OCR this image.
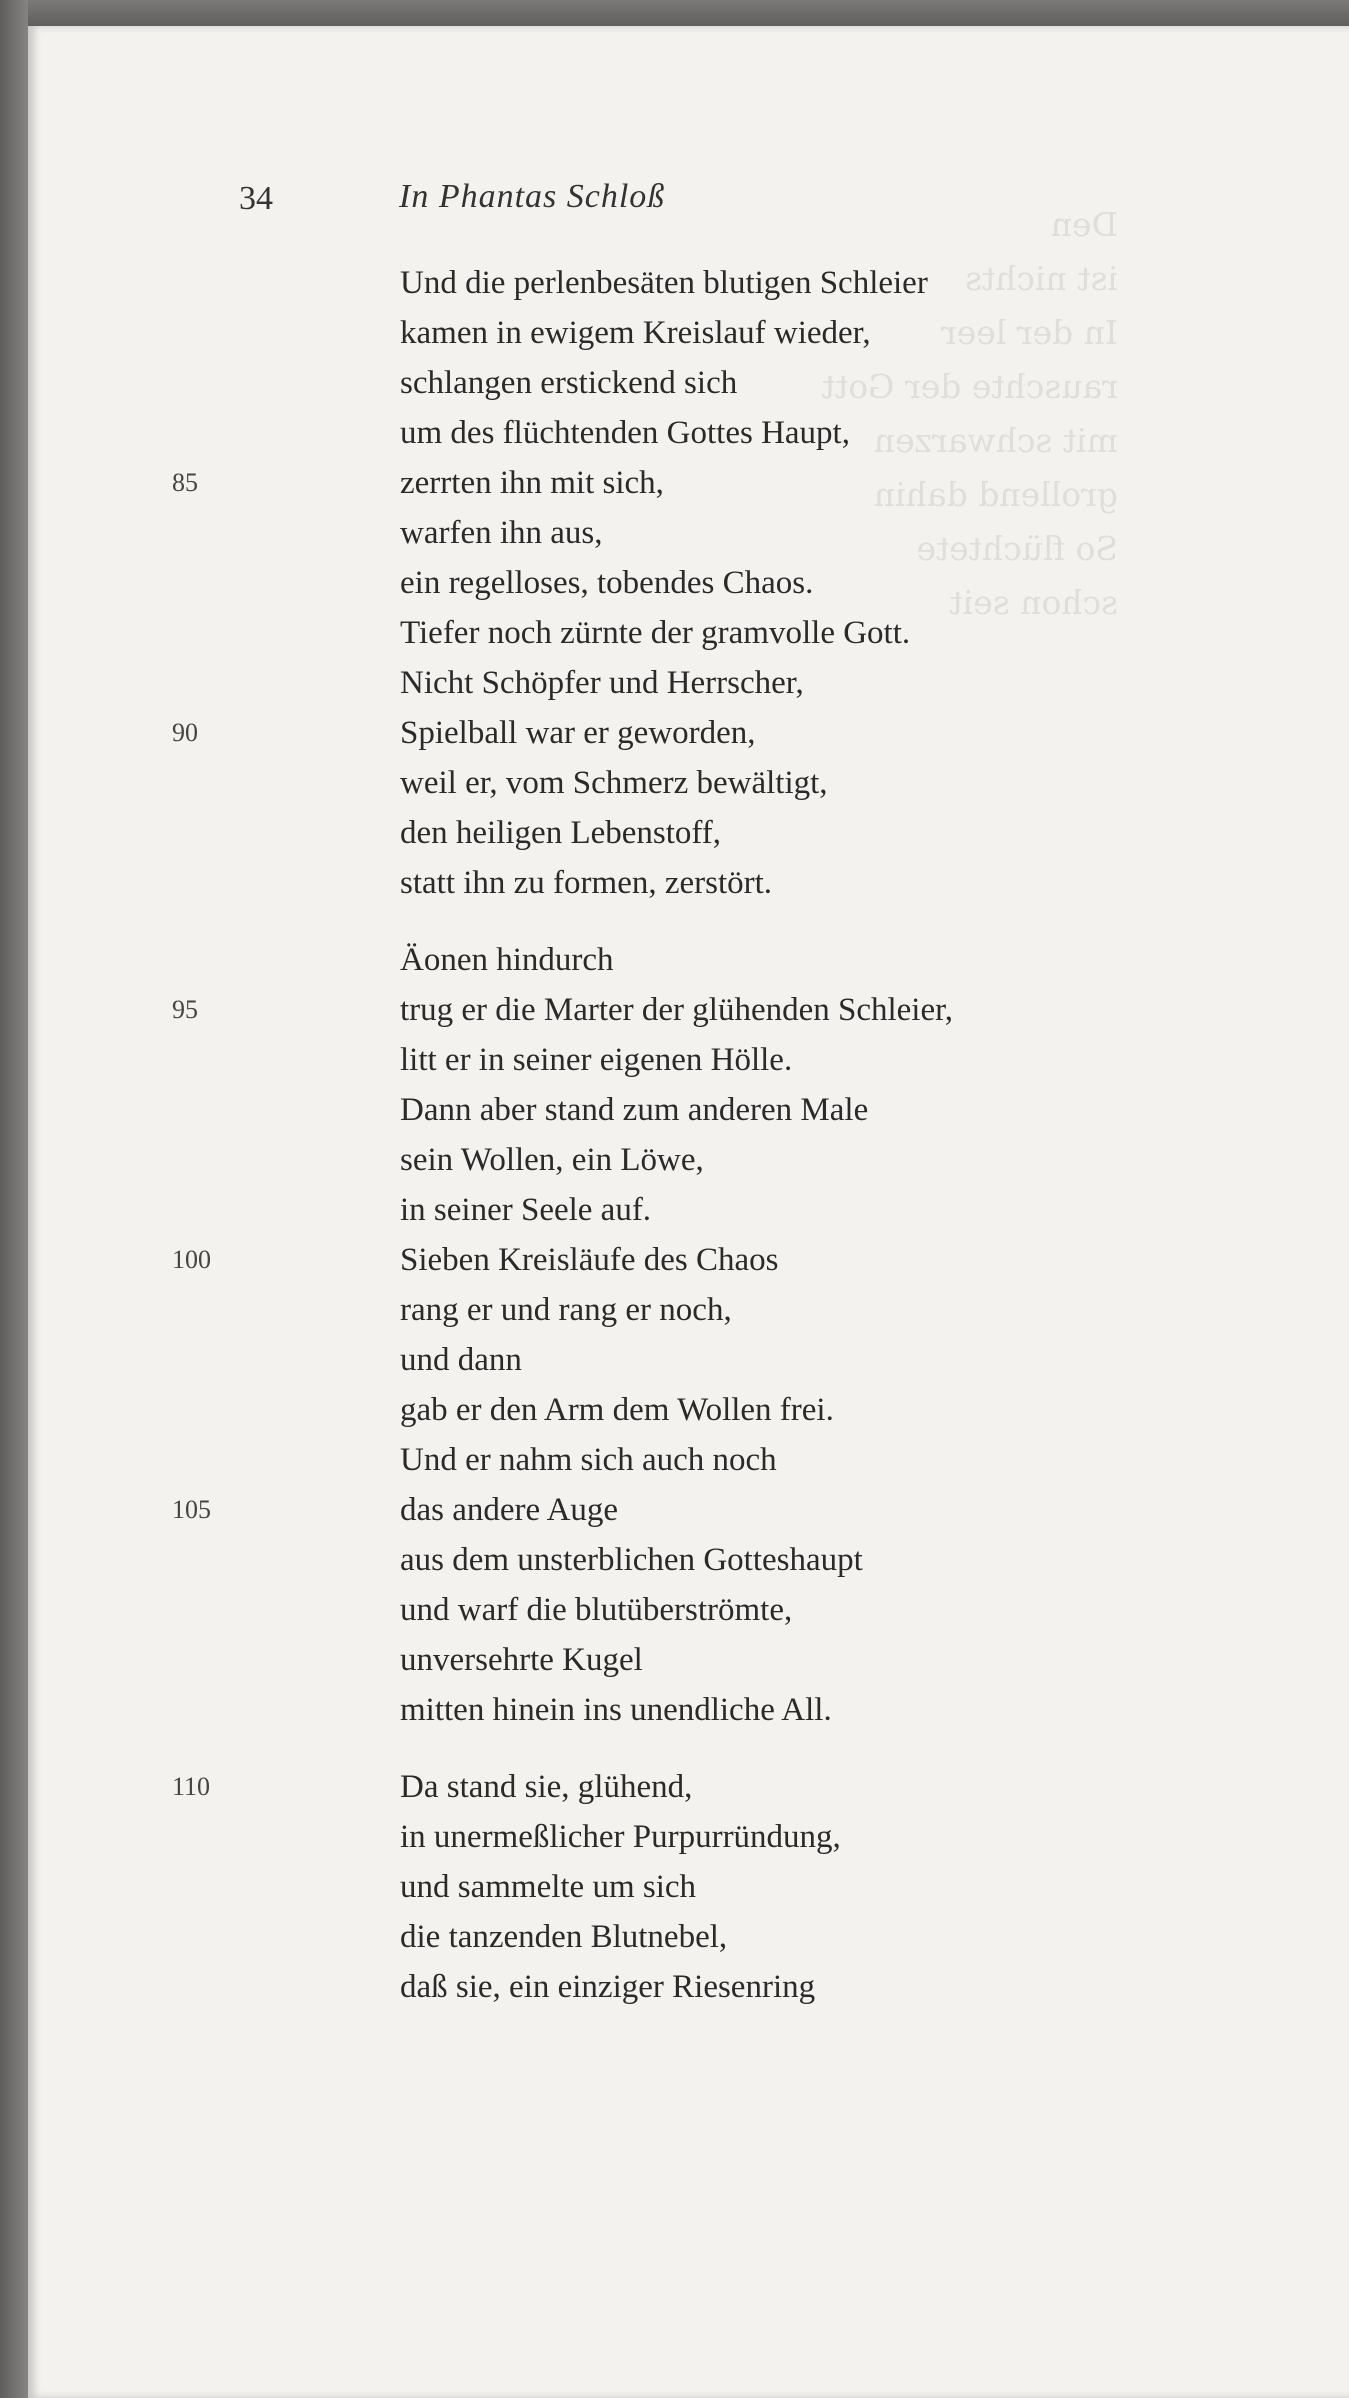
Den
ist nichts
In der leer
rauschte der Gott
mit schwarzen
grollend dahin
So flüchtete
schon seit
34	In Phantas Schloß
Und die perlenbesäten blutigen Schleier
kamen in ewigem Kreislauf wieder,
schlangen erstickend sich
um des flüchtenden Gottes Haupt,
zerrten ihn mit sich,
85
warfen ihn aus,
ein regelloses, tobendes Chaos.
Tiefer noch zürnte der gramvolle Gott.
Nicht Schöpfer und Herrscher,
Spielball war er geworden,
90
weil er, vom Schmerz bewältigt,
den heiligen Lebenstoff,
statt ihn zu formen, zerstört.
Äonen hindurch
trug er die Marter der glühenden Schleier,
95
litt er in seiner eigenen Hölle.
Dann aber stand zum anderen Male
sein Wollen, ein Löwe,
in seiner Seele auf.
Sieben Kreisläufe des Chaos
100
rang er und rang er noch,
und dann
gab er den Arm dem Wollen frei.
Und er nahm sich auch noch
das andere Auge
105
aus dem unsterblichen Gotteshaupt
und warf die blutüberströmte,
unversehrte Kugel
mitten hinein ins unendliche All.
Da stand sie, glühend,
110
in unermeßlicher Purpurründung,
und sammelte um sich
die tanzenden Blutnebel,
daß sie, ein einziger Riesenring
